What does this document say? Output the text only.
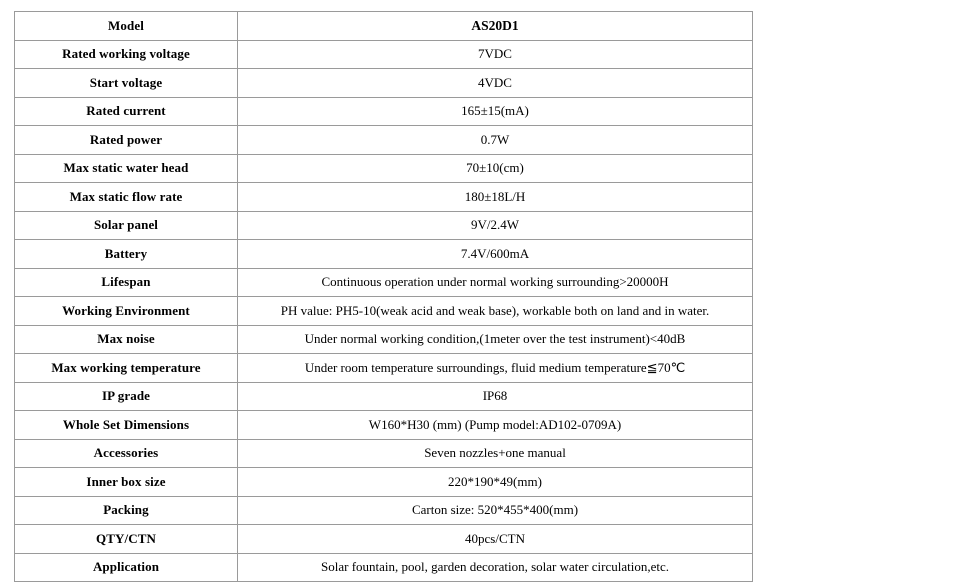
Model	AS20D1
Rated working voltage	7VDC
Start voltage	4VDC
Rated current	165±15(mA)
Rated power	0.7W
Max static water head	70±10(cm)
Max static flow rate	180±18L/H
Solar panel	9V/2.4W
Battery	7.4V/600mA
Lifespan	Continuous operation under normal working surrounding>20000H
Working Environment	PH value: PH5-10(weak acid and weak base), workable both on land and in water.
Max noise	Under normal working condition,(1meter over the test instrument)<40dB
Max working temperature	Under room temperature surroundings, fluid medium temperature≦70℃
IP grade	IP68
Whole Set Dimensions	W160*H30 (mm) (Pump model:AD102-0709A)
Accessories	Seven nozzles+one manual
Inner box size	220*190*49(mm)
Packing	Carton size: 520*455*400(mm)
QTY/CTN	40pcs/CTN
Application	Solar fountain, pool, garden decoration, solar water circulation,etc.
